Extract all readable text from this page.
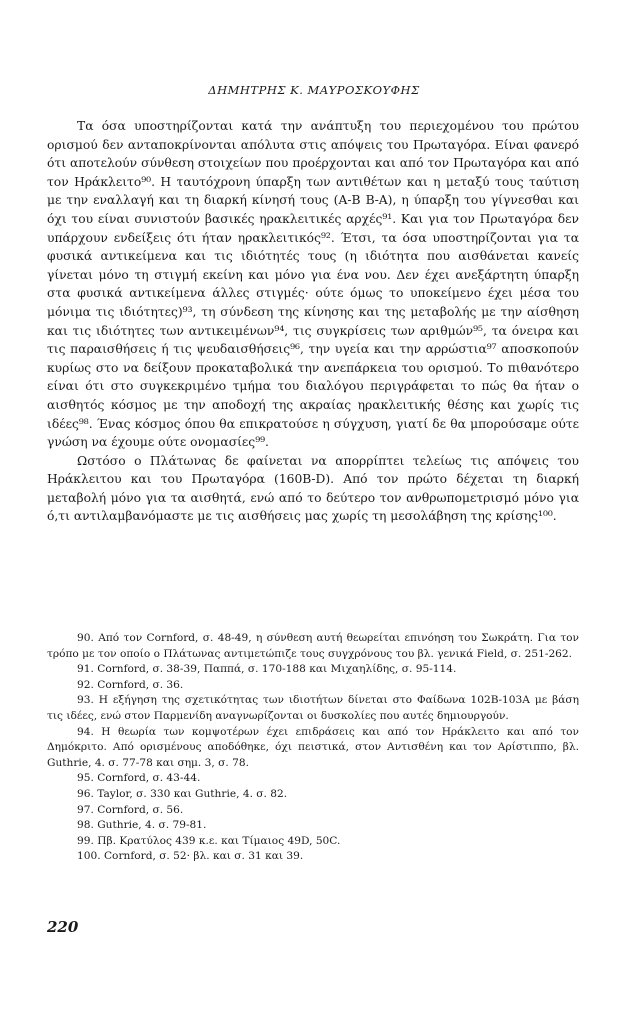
ΔΗΜΗΤΡΗΣ Κ. ΜΑΥΡΟΣΚΟΥΦΗΣ

Τα όσα υποστηρίζονται κατά την ανάπτυξη του περιεχομένου του πρώτου ορισμού δεν ανταποκρίνονται απόλυτα στις απόψεις του Πρωταγόρα. Είναι φανερό ότι αποτελούν σύνθεση στοιχείων που προέρχονται και από τον Πρωταγόρα και από τον Ηράκλειτο⁹⁰. Η ταυτόχρονη ύπαρξη των αντιθέτων και η μεταξύ τους ταύτιση με την εναλλαγή και τη διαρκή κίνησή τους (Α-Β Β-Α), η ύπαρξη του γίγνεσθαι και όχι του είναι συνιστούν βασικές ηρακλειτικές αρχές⁹¹. Και για τον Πρωταγόρα δεν υπάρχουν ενδείξεις ότι ήταν ηρακλειτικός⁹². Έτσι, τα όσα υποστηρίζονται για τα φυσικά αντικείμενα και τις ιδιότητές τους (η ιδιότητα που αισθάνεται κανείς γίνεται μόνο τη στιγμή εκείνη και μόνο για ένα νου. Δεν έχει ανεξάρτητη ύπαρξη στα φυσικά αντικείμενα άλλες στιγμές· ούτε όμως το υποκείμενο έχει μέσα του μόνιμα τις ιδιότητες)⁹³, τη σύνδεση της κίνησης και της μεταβολής με την αίσθηση και τις ιδιότητες των αντικειμένων⁹⁴, τις συγκρίσεις των αριθμών⁹⁵, τα όνειρα και τις παραισθήσεις ή τις ψευδαισθήσεις⁹⁶, την υγεία και την αρρώστια⁹⁷ αποσκοπούν κυρίως στο να δείξουν προκαταβολικά την ανεπάρκεια του ορισμού. Το πιθανότερο είναι ότι στο συγκεκριμένο τμήμα του διαλόγου περιγράφεται το πώς θα ήταν ο αισθητός κόσμος με την αποδοχή της ακραίας ηρακλειτικής θέσης και χωρίς τις ιδέες⁹⁸. Ένας κόσμος όπου θα επικρατούσε η σύγχυση, γιατί δε θα μπορούσαμε ούτε γνώση να έχουμε ούτε ονομασίες⁹⁹.

Ωστόσο ο Πλάτωνας δε φαίνεται να απορρίπτει τελείως τις απόψεις του Ηράκλειτου και του Πρωταγόρα (160Β-D). Από τον πρώτο δέχεται τη διαρκή μεταβολή μόνο για τα αισθητά, ενώ από το δεύτερο τον ανθρωπομετρισμό μόνο για ό,τι αντιλαμβανόμαστε με τις αισθήσεις μας χωρίς τη μεσολάβηση της κρίσης¹⁰⁰.

90. Από τον Cornford, σ. 48-49, η σύνθεση αυτή θεωρείται επινόηση του Σωκράτη. Για τον τρόπο με τον οποίο ο Πλάτωνας αντιμετώπιζε τους συγχρόνους του βλ. γενικά Field, σ. 251-262.

91. Cornford, σ. 38-39, Παππά, σ. 170-188 και Μιχαηλίδης, σ. 95-114.

92. Cornford, σ. 36.

93. Η εξήγηση της σχετικότητας των ιδιοτήτων δίνεται στο Φαίδωνα 102Β-103Α με βάση τις ιδέες, ενώ στον Παρμενίδη αναγνωρίζονται οι δυσκολίες που αυτές δημιουργούν.

94. Η θεωρία των κομψοτέρων έχει επιδράσεις και από τον Ηράκλειτο και από τον Δημόκριτο. Από ορισμένους αποδόθηκε, όχι πειστικά, στον Αντισθένη και τον Αρίστιππο, βλ. Guthrie, 4. σ. 77-78 και σημ. 3, σ. 78.

95. Cornford, σ. 43-44.

96. Taylor, σ. 330 και Guthrie, 4. σ. 82.

97. Cornford, σ. 56.

98. Guthrie, 4. σ. 79-81.

99. Πβ. Κρατύλος 439 κ.ε. και Τίμαιος 49D, 50C.

100. Cornford, σ. 52· βλ. και σ. 31 και 39.

220
